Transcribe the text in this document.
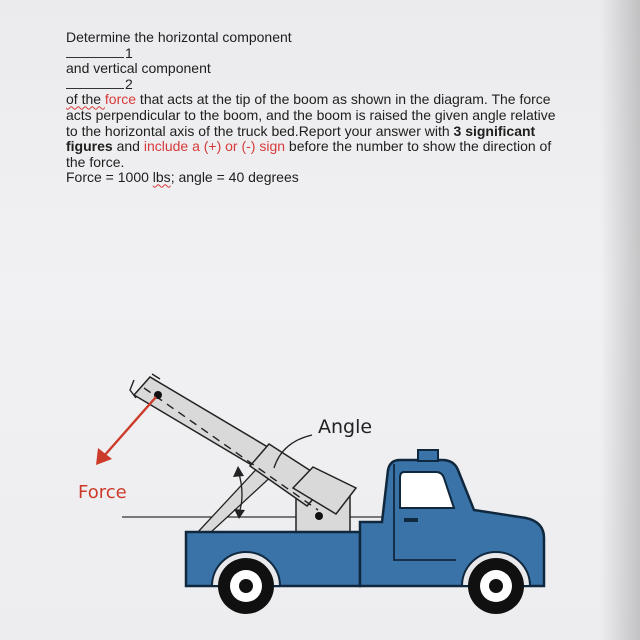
Determine the horizontal component
1
and vertical component
2
of the force that acts at the tip of the boom as shown in the diagram. The force
acts perpendicular to the boom, and the boom is raised the given angle relative
to the horizontal axis of the truck bed.Report your answer with 3 significant
figures and include a (+) or (-) sign before the number to show the direction of
the force.
Force = 1000 lbs; angle = 40 degrees
Angle
Force
